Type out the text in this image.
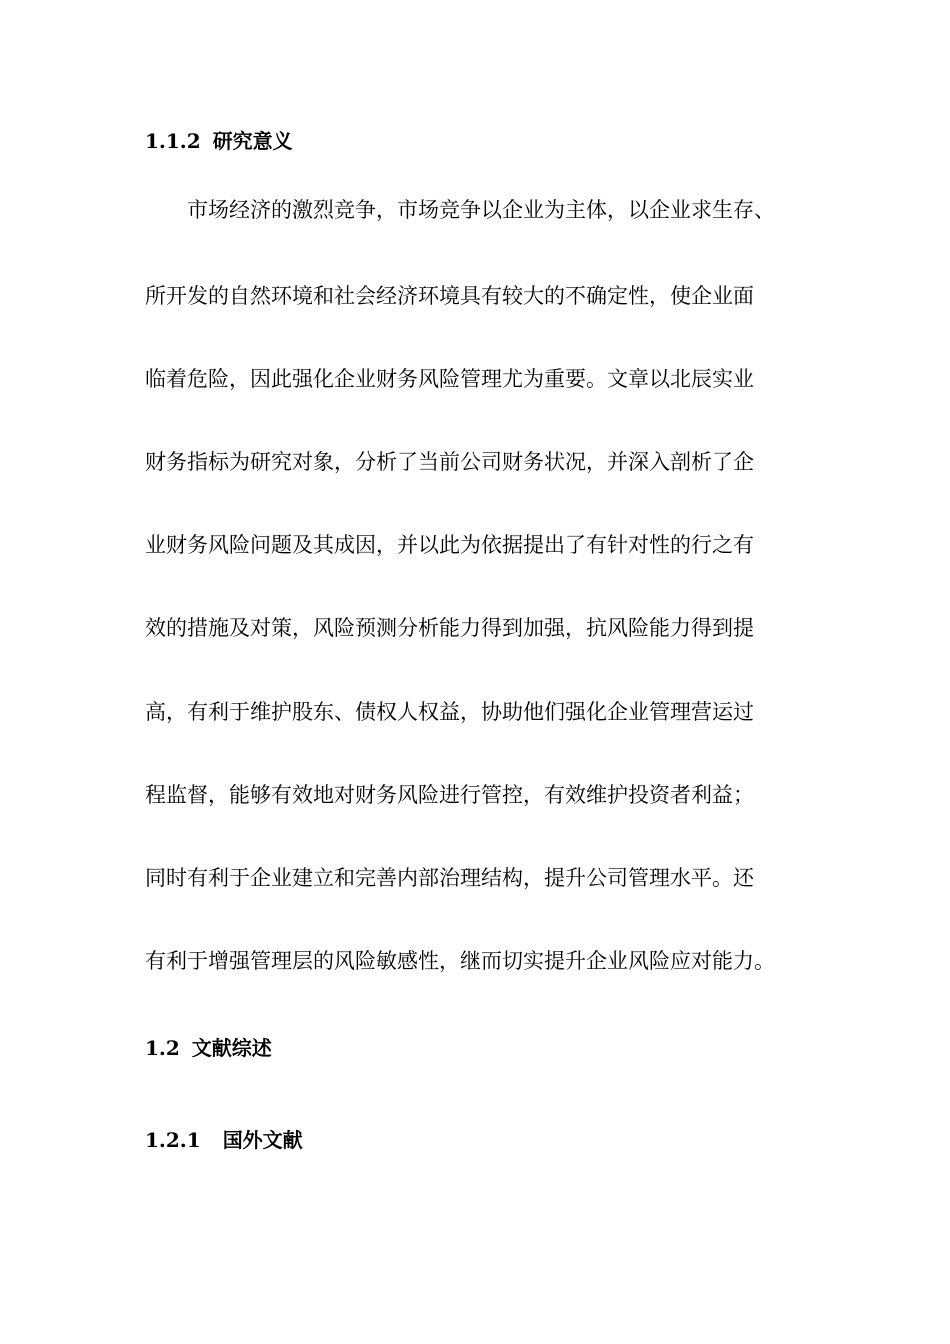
1.1.2 研究意义

　　市场经济的激烈竞争，市场竞争以企业为主体，以企业求生存、

所开发的自然环境和社会经济环境具有较大的不确定性，使企业面

临着危险，因此强化企业财务风险管理尤为重要。文章以北辰实业

财务指标为研究对象，分析了当前公司财务状况，并深入剖析了企

业财务风险问题及其成因，并以此为依据提出了有针对性的行之有

效的措施及对策，风险预测分析能力得到加强，抗风险能力得到提

高，有利于维护股东、债权人权益，协助他们强化企业管理营运过

程监督，能够有效地对财务风险进行管控，有效维护投资者利益；

同时有利于企业建立和完善内部治理结构，提升公司管理水平。还

有利于增强管理层的风险敏感性，继而切实提升企业风险应对能力。

1.2 文献综述
1.2.1 国外文献
